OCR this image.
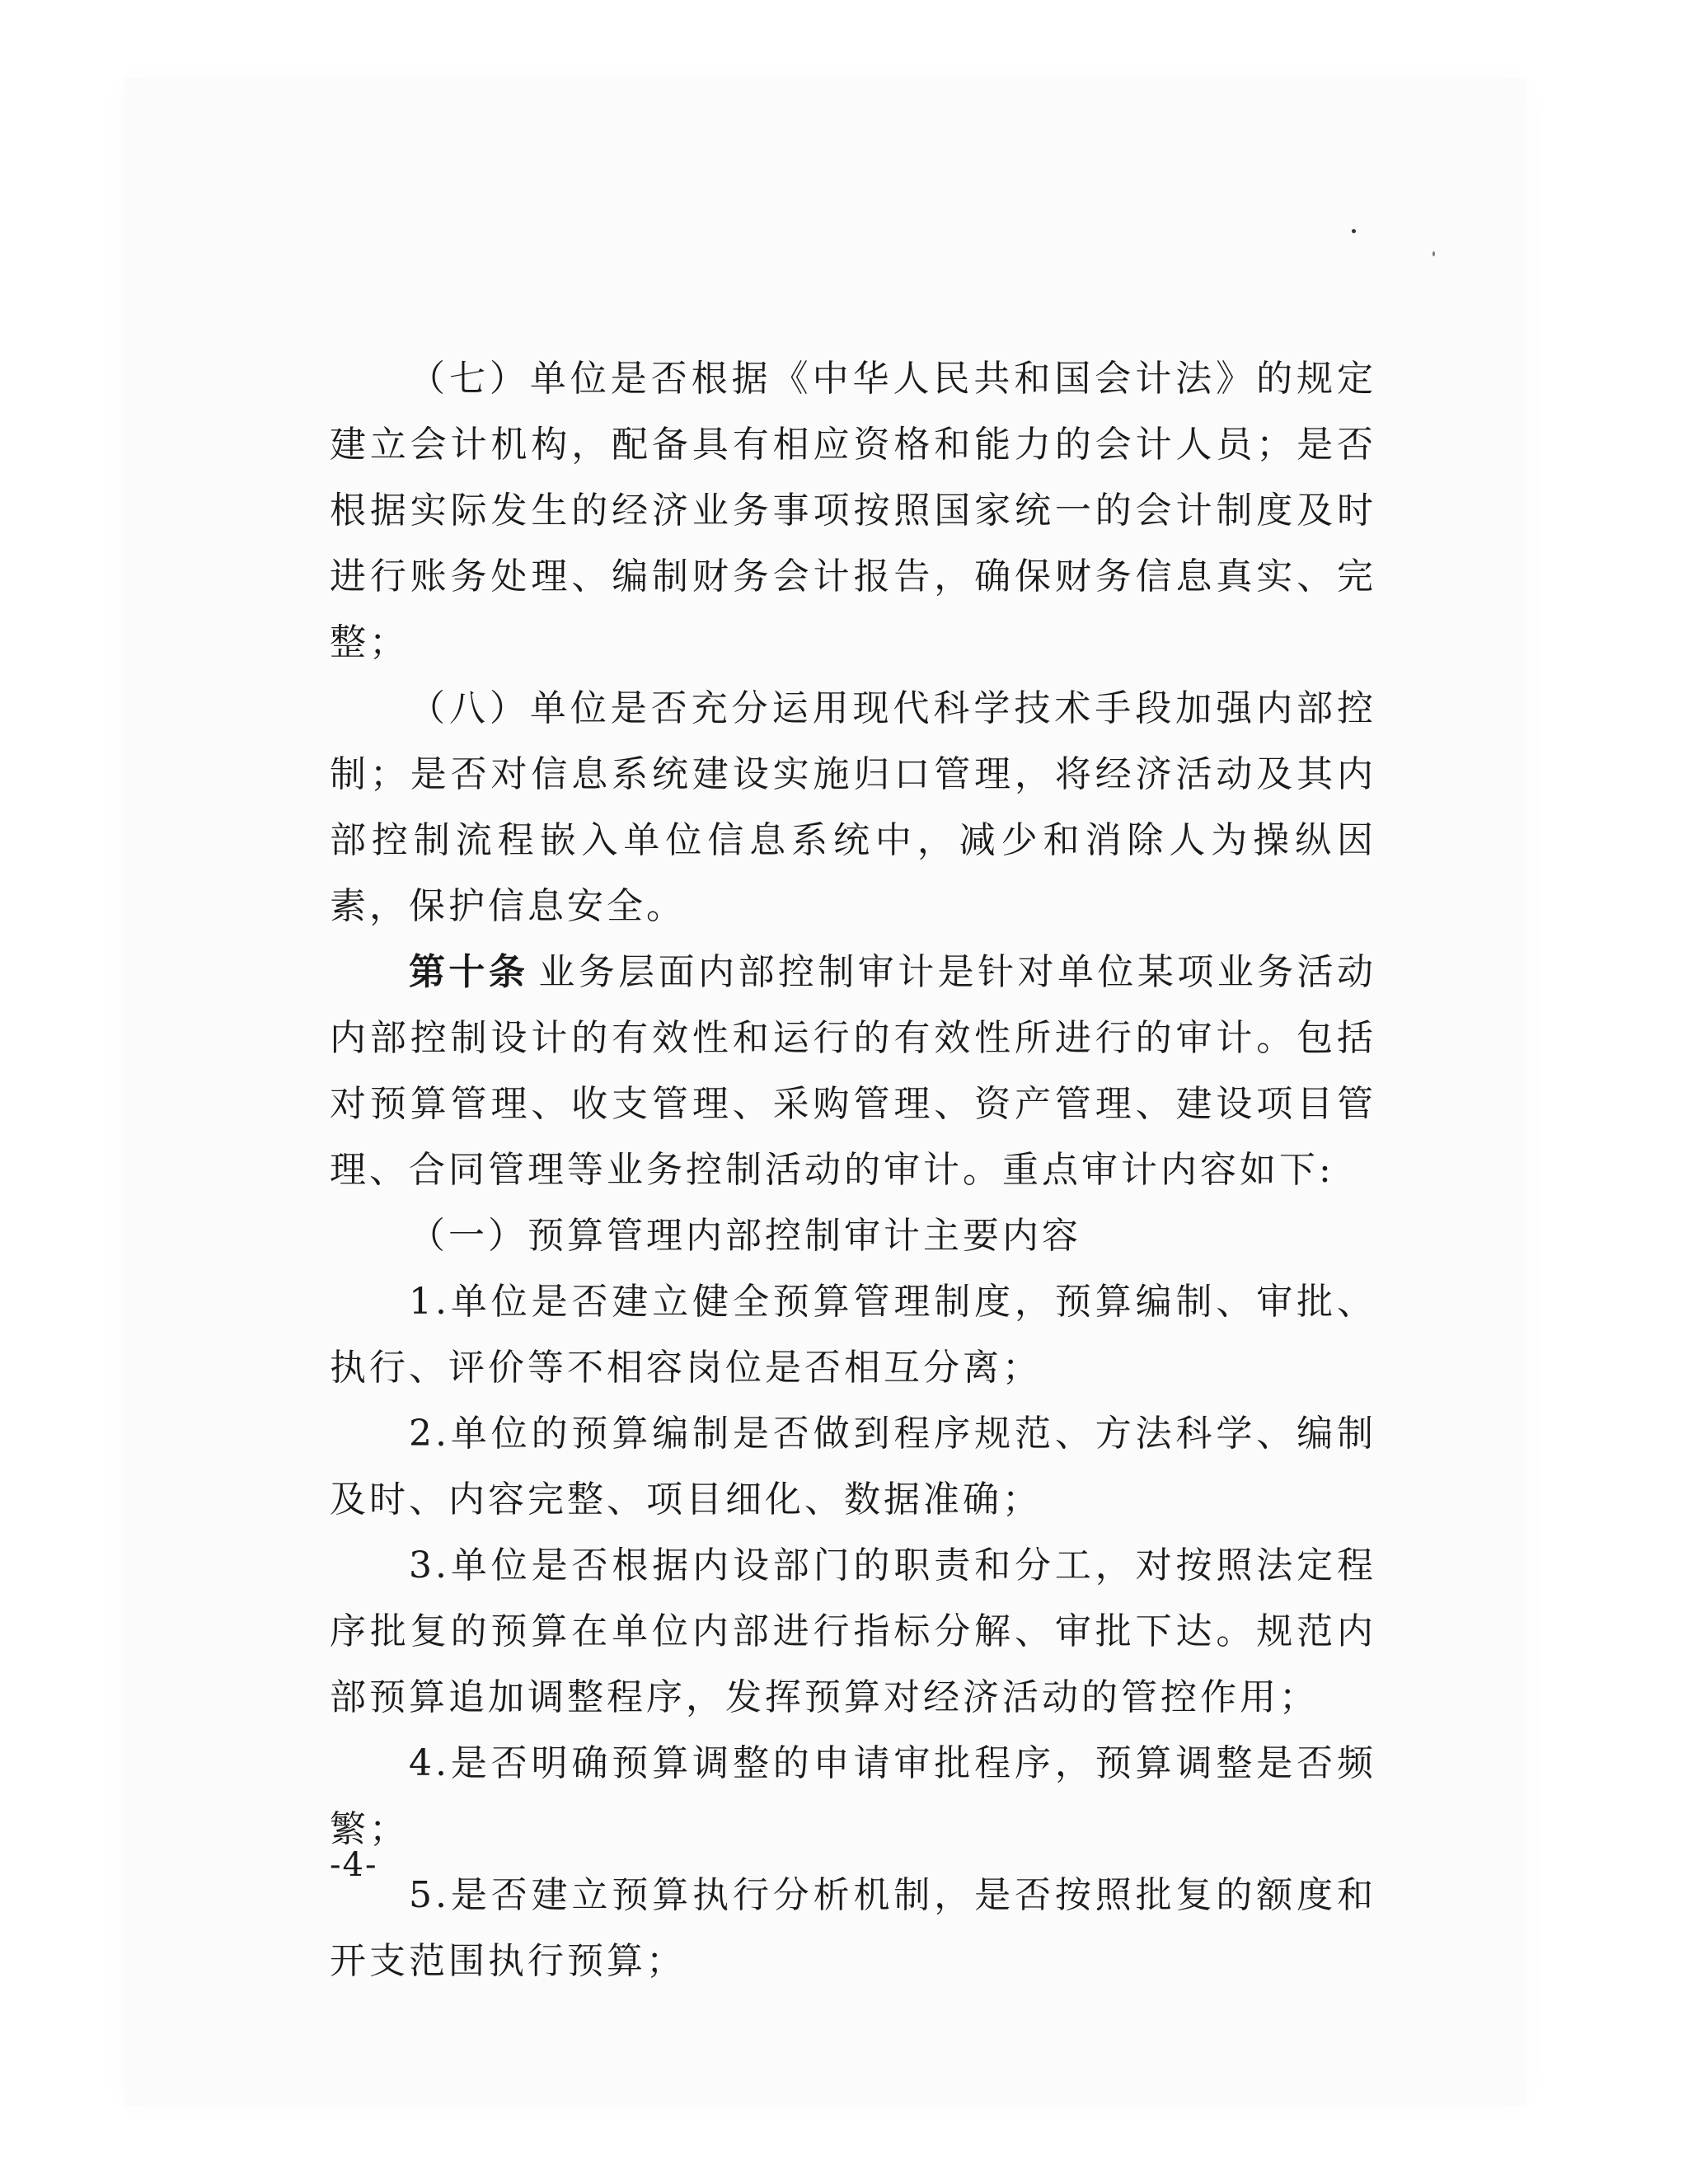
（七）单位是否根据《中华人民共和国会计法》的规定建立会计机构，配备具有相应资格和能力的会计人员；是否根据实际发生的经济业务事项按照国家统一的会计制度及时进行账务处理、编制财务会计报告，确保财务信息真实、完整；

（八）单位是否充分运用现代科学技术手段加强内部控制；是否对信息系统建设实施归口管理，将经济活动及其内部控制流程嵌入单位信息系统中，减少和消除人为操纵因素，保护信息安全。

第十条 业务层面内部控制审计是针对单位某项业务活动内部控制设计的有效性和运行的有效性所进行的审计。包括对预算管理、收支管理、采购管理、资产管理、建设项目管理、合同管理等业务控制活动的审计。重点审计内容如下:

（一）预算管理内部控制审计主要内容

1.单位是否建立健全预算管理制度，预算编制、审批、执行、评价等不相容岗位是否相互分离；

2.单位的预算编制是否做到程序规范、方法科学、编制及时、内容完整、项目细化、数据准确；

3.单位是否根据内设部门的职责和分工，对按照法定程序批复的预算在单位内部进行指标分解、审批下达。规范内部预算追加调整程序，发挥预算对经济活动的管控作用；

4.是否明确预算调整的申请审批程序，预算调整是否频繁；

5.是否建立预算执行分析机制，是否按照批复的额度和开支范围执行预算；

-4-
